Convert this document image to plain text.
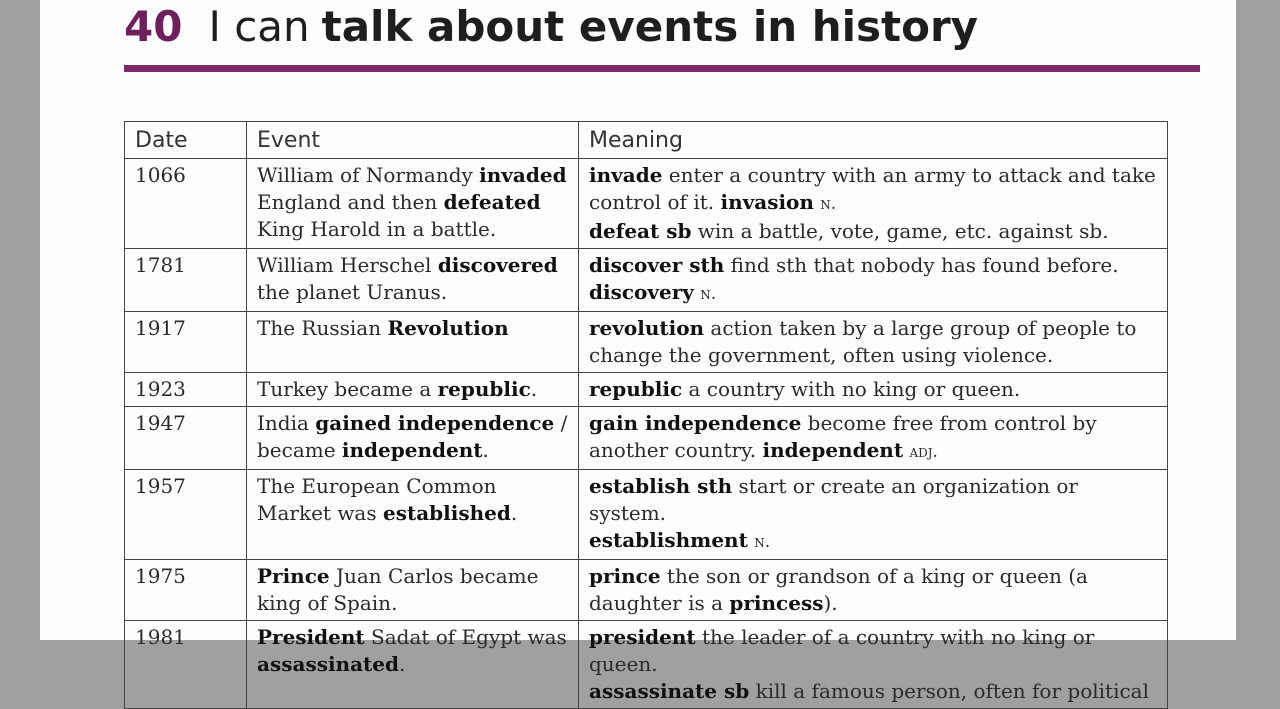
40 I can talk about events in history
Date	Event	Meaning
1066	William of Normandy invaded England and then defeated King Harold in a battle.	invade enter a country with an army to attack and take control of it. invasion n.
defeat sb win a battle, vote, game, etc. against sb.

1781	William Herschel discovered the planet Uranus.	discover sth find sth that nobody has found before.
discovery n.

1917	The Russian Revolution	revolution action taken by a large group of people to change the government, often using violence.

1923	Turkey became a republic.	republic a country with no king or queen.

1947	India gained independence / became independent.	gain independence become free from control by another country. independent adj.

1957	The European Common Market was established.	establish sth start or create an organization or system.
establishment n.

1975	Prince Juan Carlos became king of Spain.	prince the son or grandson of a king or queen (a daughter is a princess).

1981	President Sadat of Egypt was assassinated.	president the leader of a country with no king or queen.
assassinate sb kill a famous person, often for political
